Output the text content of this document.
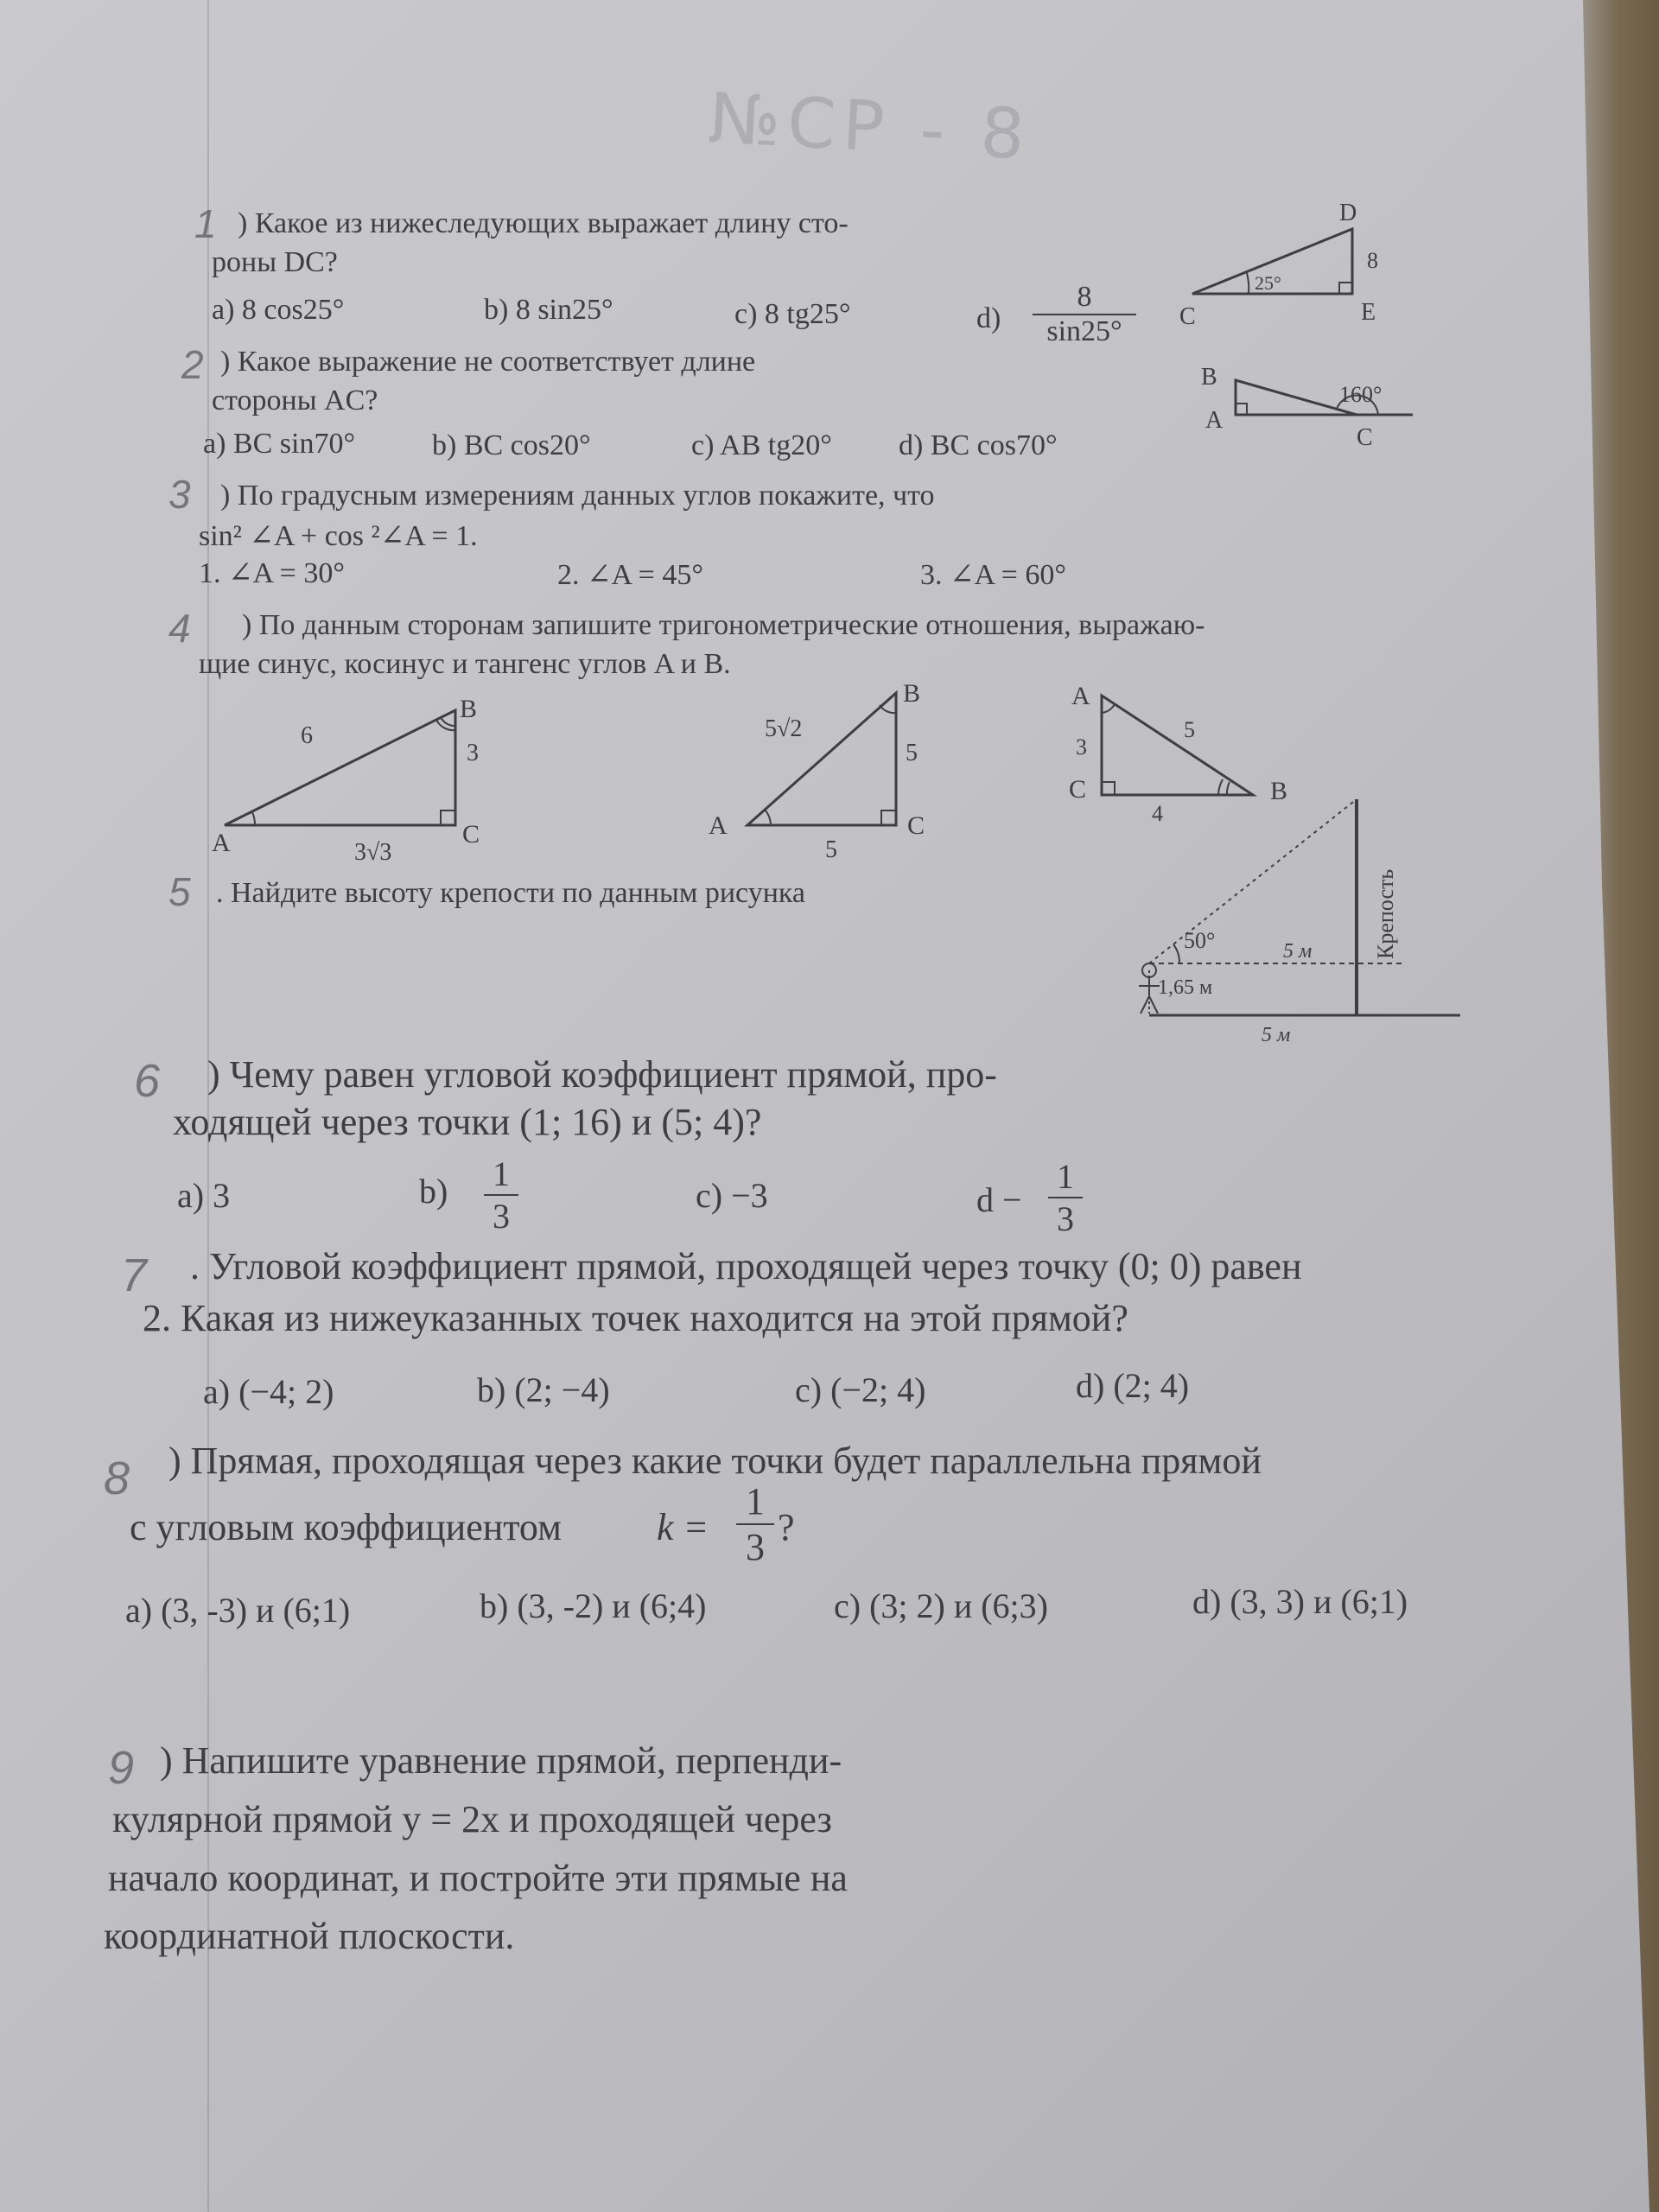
№CP - 8
1 ) Какое из нижеследующих выражает длину сто-
роны DC?
a) 8 cos25°	b) 8 sin25°	c) 8 tg25°	$d) \frac{8}{\sin 25^\circ}$
D
C	E
8
25°
2 ) Какое выражение не соответствует длине
стороны AC?
a) BC sin70°	b) BC cos20°	c) AB tg20° d) BC cos70°
B
A
C
160°
3 ) По градусным измерениям данных углов покажите, что
sin² ∠A + cos ²∠A = 1.
1. ∠A = 30°	2. ∠A = 45°	3. ∠A = 60°
4 ) По данным сторонам запишите тригонометрические отношения, выражаю-
щие синус, косинус и тангенс углов A и B.
B
A	C
6
3
3√3
B
A	C
5√2
5
5
A
C	B
3
5
4
5 . Найдите высоту крепости по данным рисунка
50°	5 м
1,65 м
5 м
Крепость
6 ) Чему равен угловой коэффициент прямой, про-
ходящей через точки (1; 16) и (5; 4)?
a) 3	$b) \frac{1}{3}$	c) −3	$d - \frac{1}{3}$
7 . Угловой коэффициент прямой, проходящей через точку (0; 0) равен
2. Какая из нижеуказанных точек находится на этой прямой?
a) (−4; 2)	b) (2; −4)	c) (−2; 4)	d) (2; 4)
8 ) Прямая, проходящая через какие точки будет параллельна прямой
с угловым коэффициентом	$k = \frac{1}{3}$ ?
a) (3, -3) и (6;1)	b) (3, -2) и (6;4)	c) (3; 2) и (6;3)	d) (3, 3) и (6;1)
9 ) Напишите уравнение прямой, перпенди-
кулярной прямой y = 2x и проходящей через
начало координат, и постройте эти прямые на
координатной плоскости.
